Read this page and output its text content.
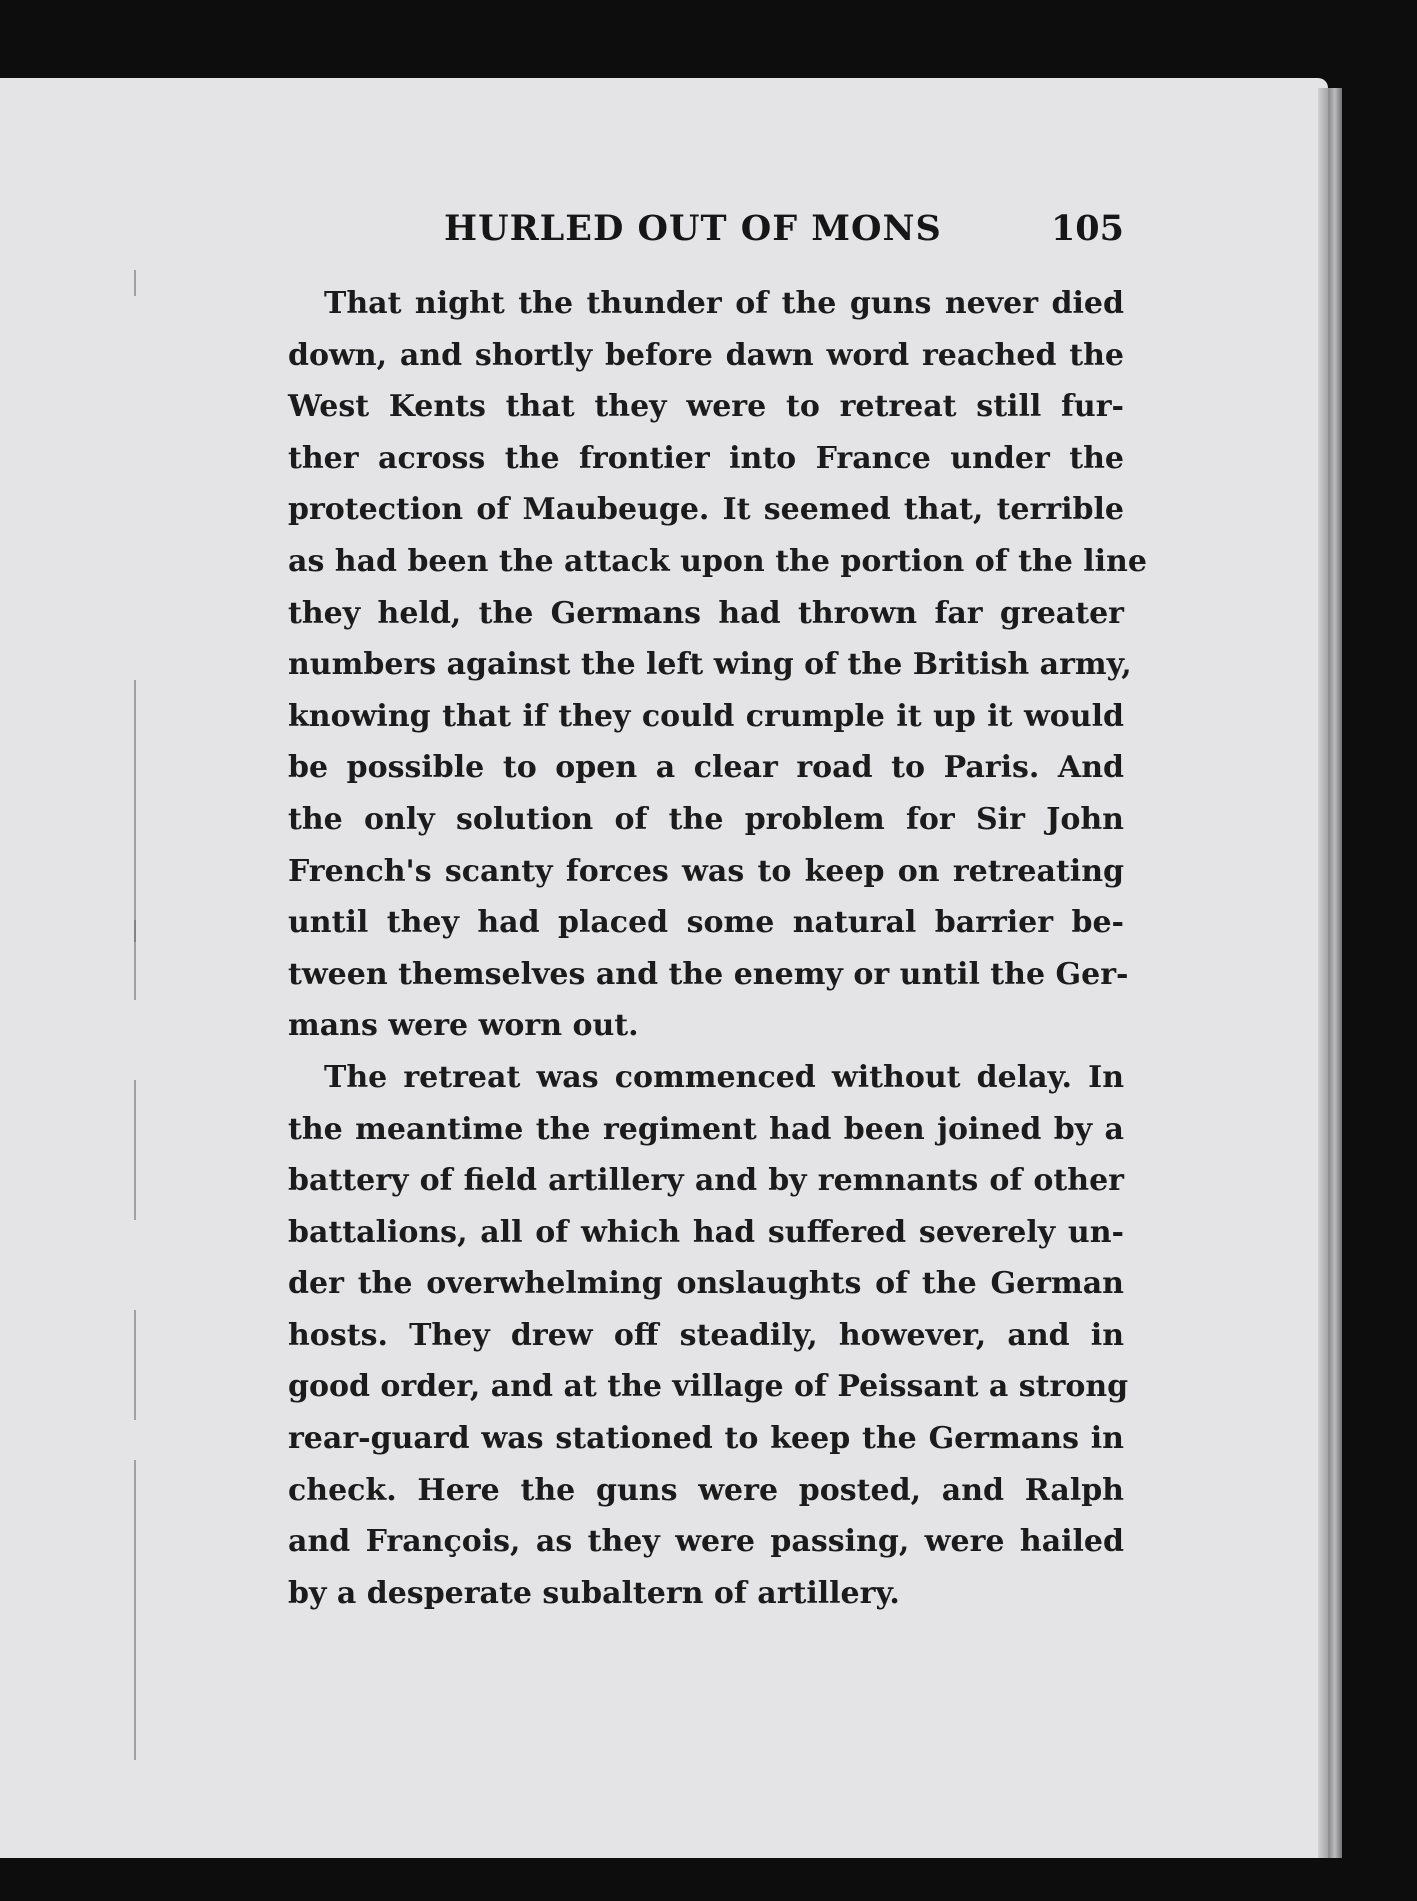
HURLED OUT OF MONS	105
That night the thunder of the guns never died
down, and shortly before dawn word reached the
West Kents that they were to retreat still fur-
ther across the frontier into France under the
protection of Maubeuge. It seemed that, terrible
as had been the attack upon the portion of the line
they held, the Germans had thrown far greater
numbers against the left wing of the British army,
knowing that if they could crumple it up it would
be possible to open a clear road to Paris. And
the only solution of the problem for Sir John
French's scanty forces was to keep on retreating
until they had placed some natural barrier be-
tween themselves and the enemy or until the Ger-
mans were worn out.
The retreat was commenced without delay. In
the meantime the regiment had been joined by a
battery of field artillery and by remnants of other
battalions, all of which had suffered severely un-
der the overwhelming onslaughts of the German
hosts. They drew off steadily, however, and in
good order, and at the village of Peissant a strong
rear-guard was stationed to keep the Germans in
check. Here the guns were posted, and Ralph
and François, as they were passing, were hailed
by a desperate subaltern of artillery.
